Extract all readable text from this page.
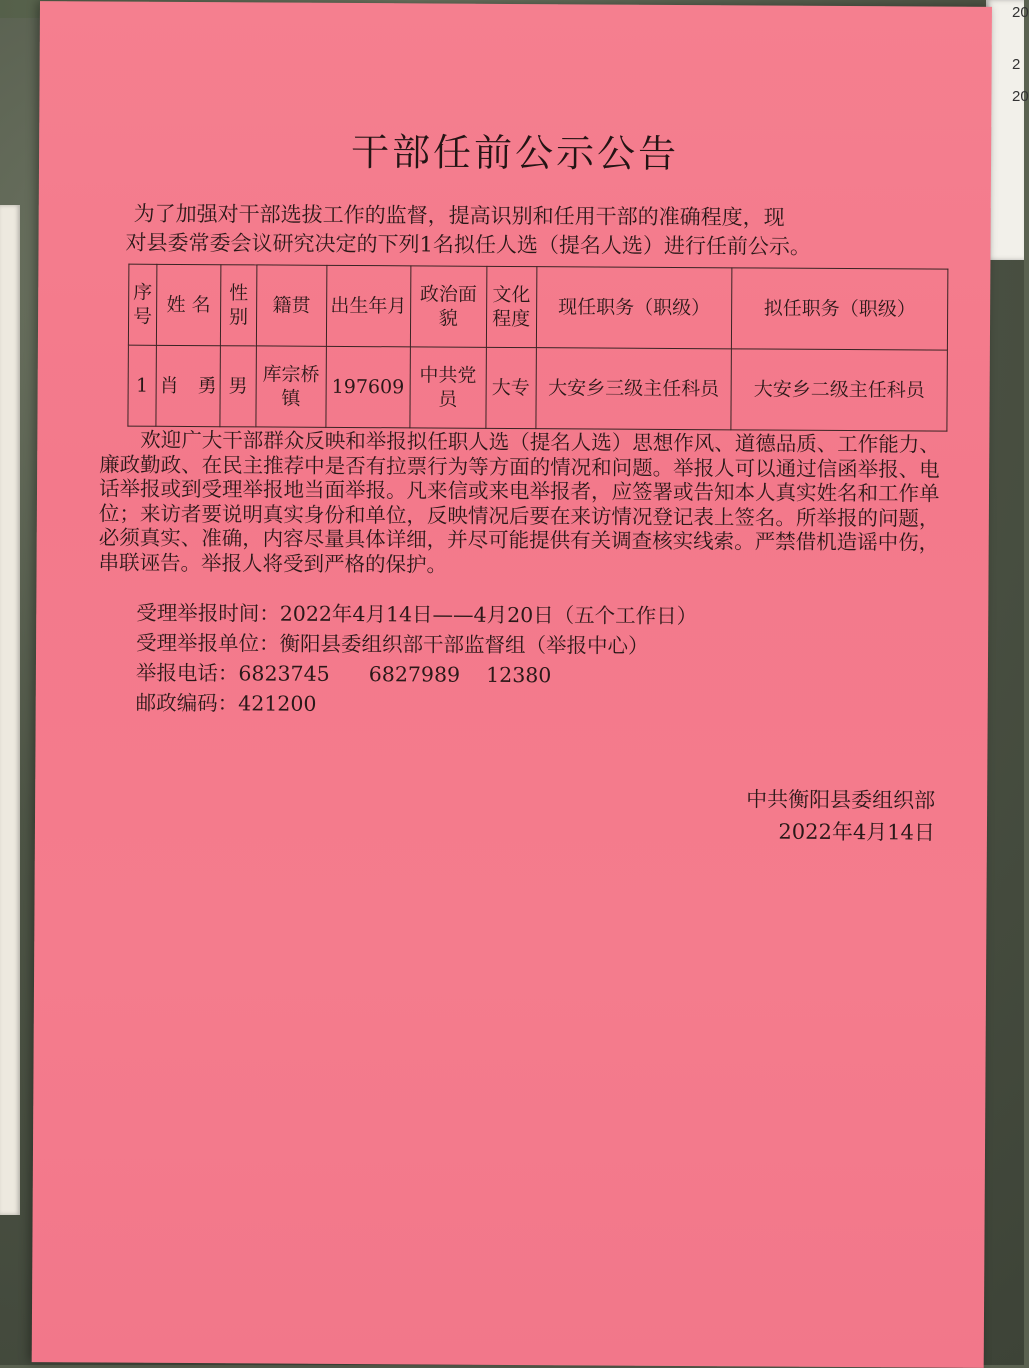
20
2
20
干部任前公示公告
为了加强对干部选拔工作的监督，提高识别和任用干部的准确程度，现
对县委常委会议研究决定的下列1名拟任人选（提名人选）进行任前公示。
序号	姓 名	性别	籍贯	出生年月	政治面貌	文化程度	现任职务（职级）	拟任职务（职级）
1	肖　勇	男	库宗桥镇	197609	中共党员	大专	大安乡三级主任科员	大安乡二级主任科员

欢迎广大干部群众反映和举报拟任职人选（提名人选）思想作风、道德品质、工作能力、廉政勤政、在民主推荐中是否有拉票行为等方面的情况和问题。举报人可以通过信函举报、电话举报或到受理举报地当面举报。凡来信或来电举报者，应签署或告知本人真实姓名和工作单位；来访者要说明真实身份和单位，反映情况后要在来访情况登记表上签名。所举报的问题，必须真实、准确，内容尽量具体详细，并尽可能提供有关调查核实线索。严禁借机造谣中伤，串联诬告。举报人将受到严格的保护。

受理举报时间：2022年4月14日——4月20日（五个工作日）
受理举报单位：衡阳县委组织部干部监督组（举报中心）
举报电话：6823745      6827989    12380
邮政编码：421200
中共衡阳县委组织部
2022年4月14日
